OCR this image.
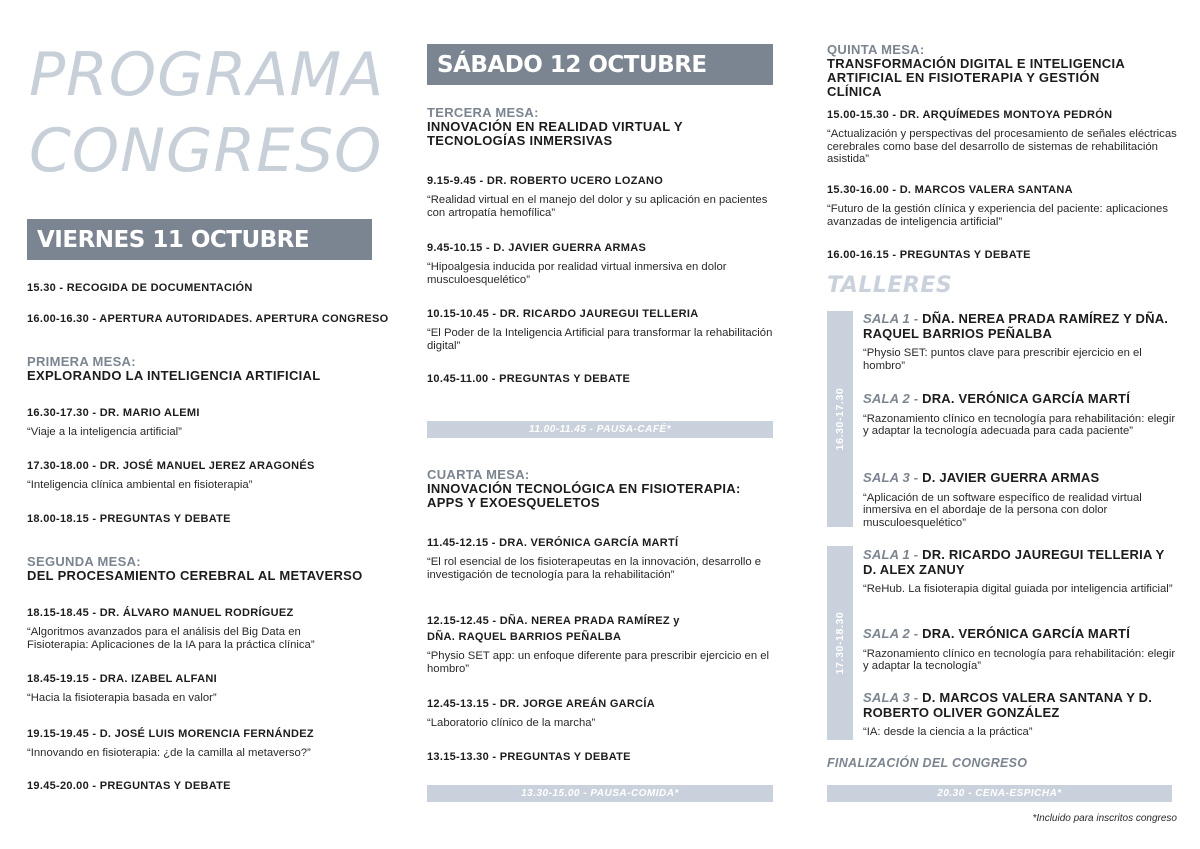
PROGRAMA
CONGRESO
VIERNES 11 OCTUBRE
15.30 - RECOGIDA DE DOCUMENTACIÓN
16.00-16.30 - APERTURA AUTORIDADES. APERTURA CONGRESO
PRIMERA MESA:
EXPLORANDO LA INTELIGENCIA ARTIFICIAL
16.30-17.30 - DR. MARIO ALEMI
“Viaje a la inteligencia artificial”
17.30-18.00 - DR. JOSÉ MANUEL JEREZ ARAGONÉS
“Inteligencia clínica ambiental en fisioterapia”
18.00-18.15 - PREGUNTAS Y DEBATE
SEGUNDA MESA:
DEL PROCESAMIENTO CEREBRAL AL METAVERSO
18.15-18.45 - DR. ÁLVARO MANUEL RODRÍGUEZ
“Algoritmos avanzados para el análisis del Big Data en Fisioterapia: Aplicaciones de la IA para la práctica clínica”
18.45-19.15 - DRA. IZABEL ALFANI
“Hacia la fisioterapia basada en valor”
19.15-19.45 - D. JOSÉ LUIS MORENCIA FERNÁNDEZ
“Innovando en fisioterapia: ¿de la camilla al metaverso?”
19.45-20.00 - PREGUNTAS Y DEBATE
SÁBADO 12 OCTUBRE
TERCERA MESA:
INNOVACIÓN EN REALIDAD VIRTUAL Y TECNOLOGÍAS INMERSIVAS
9.15-9.45 - DR. ROBERTO UCERO LOZANO
“Realidad virtual en el manejo del dolor y su aplicación en pacientes con artropatía hemofílica”
9.45-10.15 - D. JAVIER GUERRA ARMAS
“Hipoalgesia inducida por realidad virtual inmersiva en dolor musculoesquelético”
10.15-10.45 - DR. RICARDO JAUREGUI TELLERIA
“El Poder de la Inteligencia Artificial para transformar la rehabilitación digital”
10.45-11.00 - PREGUNTAS Y DEBATE
11.00-11.45 - PAUSA-CAFÉ*
CUARTA MESA:
INNOVACIÓN TECNOLÓGICA EN FISIOTERAPIA: APPS Y EXOESQUELETOS
11.45-12.15 - DRA. VERÓNICA GARCÍA MARTÍ
“El rol esencial de los fisioterapeutas en la innovación, desarrollo e investigación de tecnología para la rehabilitación”
12.15-12.45 - DÑA. NEREA PRADA RAMÍREZ y
DÑA. RAQUEL BARRIOS PEÑALBA
“Physio SET app: un enfoque diferente para prescribir ejercicio en el hombro”
12.45-13.15 - DR. JORGE AREÁN GARCÍA
“Laboratorio clínico de la marcha”
13.15-13.30 - PREGUNTAS Y DEBATE
13.30-15.00 - PAUSA-COMIDA*
QUINTA MESA:
TRANSFORMACIÓN DIGITAL E INTELIGENCIA ARTIFICIAL EN FISIOTERAPIA Y GESTIÓN CLÍNICA
15.00-15.30 - DR. ARQUÍMEDES MONTOYA PEDRÓN
“Actualización y perspectivas del procesamiento de señales eléctricas cerebrales como base del desarrollo de sistemas de rehabilitación asistida”
15.30-16.00 - D. MARCOS VALERA SANTANA
“Futuro de la gestión clínica y experiencia del paciente: aplicaciones avanzadas de inteligencia artificial”
16.00-16.15 - PREGUNTAS Y DEBATE
TALLERES
16.30-17.30
SALA 1 - DÑA. NEREA PRADA RAMÍREZ Y DÑA. RAQUEL BARRIOS PEÑALBA
“Physio SET: puntos clave para prescribir ejercicio en el hombro”
SALA 2 - DRA. VERÓNICA GARCÍA MARTÍ
“Razonamiento clínico en tecnología para rehabilitación: elegir y adaptar la tecnología adecuada para cada paciente”
SALA 3 - D. JAVIER GUERRA ARMAS
“Aplicación de un software específico de realidad virtual inmersiva en el abordaje de la persona con dolor musculoesquelético”
17.30-18.30
SALA 1 - DR. RICARDO JAUREGUI TELLERIA Y D. ALEX ZANUY
“ReHub. La fisioterapia digital guiada por inteligencia artificial”
SALA 2 - DRA. VERÓNICA GARCÍA MARTÍ
“Razonamiento clínico en tecnología para rehabilitación: elegir y adaptar la tecnología”
SALA 3 - D. MARCOS VALERA SANTANA Y D. ROBERTO OLIVER GONZÁLEZ
“IA: desde la ciencia a la práctica”
FINALIZACIÓN DEL CONGRESO
20.30 - CENA-ESPICHA*
*Incluido para inscritos congreso
